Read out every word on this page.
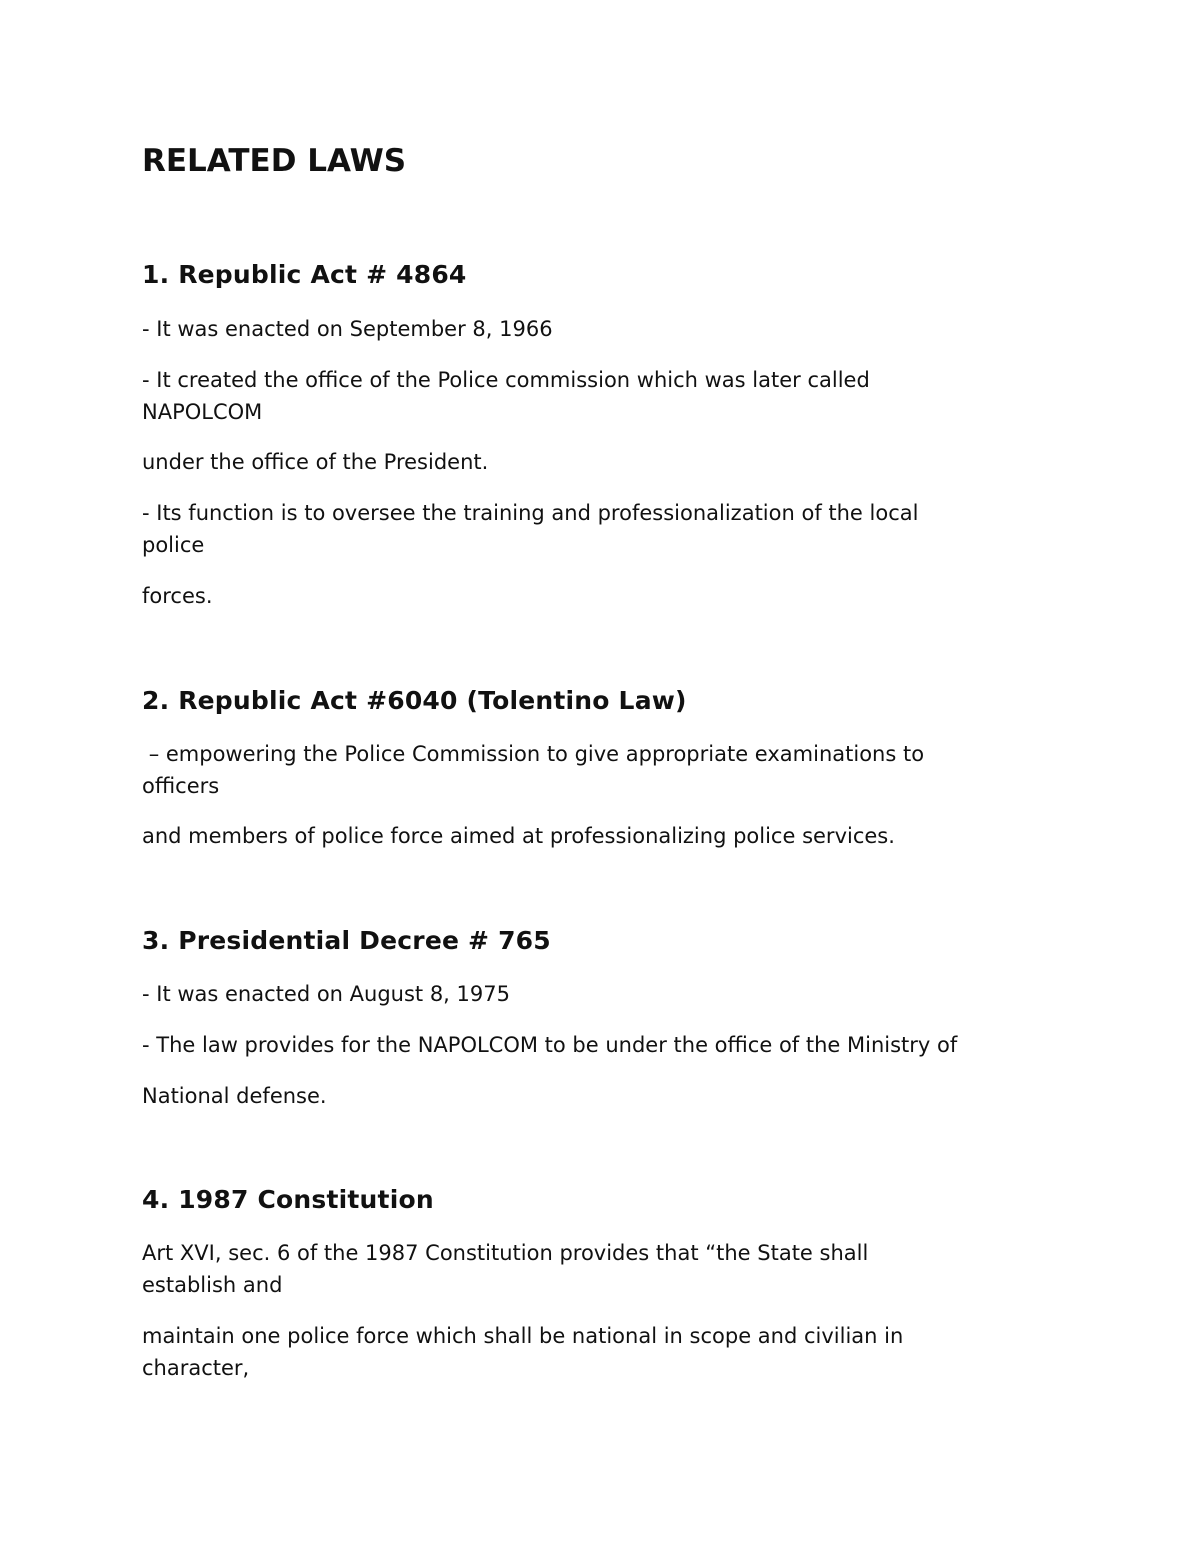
RELATED LAWS
1. Republic Act # 4864

- It was enacted on September 8, 1966

- It created the office of the Police commission which was later called
NAPOLCOM

under the office of the President.

- Its function is to oversee the training and professionalization of the local
police

forces.

2. Republic Act #6040 (Tolentino Law)

– empowering the Police Commission to give appropriate examinations to
officers

and members of police force aimed at professionalizing police services.

3. Presidential Decree # 765

- It was enacted on August 8, 1975

- The law provides for the NAPOLCOM to be under the office of the Ministry of

National defense.

4. 1987 Constitution

Art XVI, sec. 6 of the 1987 Constitution provides that “the State shall
establish and

maintain one police force which shall be national in scope and civilian in
character,
